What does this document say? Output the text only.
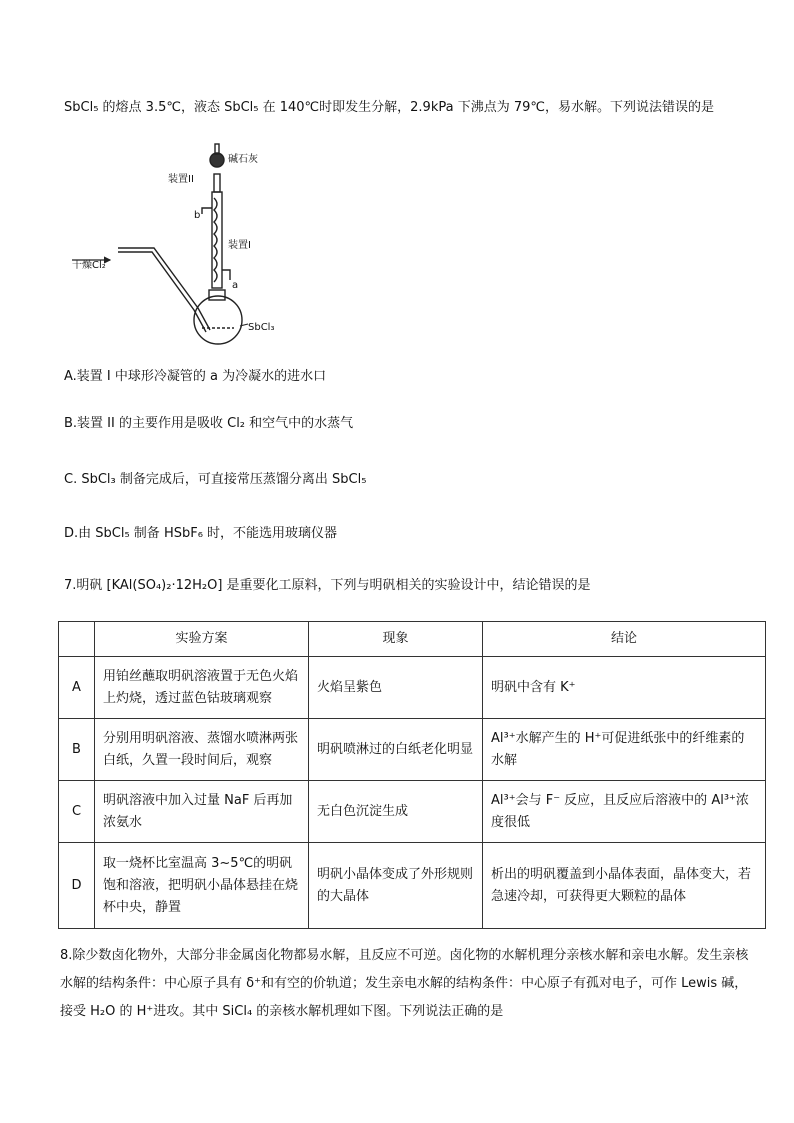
SbCl₅ 的熔点 3.5℃，液态 SbCl₅ 在 140℃时即发生分解，2.9kPa 下沸点为 79℃，易水解。下列说法错误的是
碱石灰
装置II
b
装置I
a
干燥Cl₂
SbCl₃
A.装置 I 中球形冷凝管的 a 为冷凝水的进水口
B.装置 II 的主要作用是吸收 Cl₂ 和空气中的水蒸气
C. SbCl₃ 制备完成后，可直接常压蒸馏分离出 SbCl₅
D.由 SbCl₅ 制备 HSbF₆ 时，不能选用玻璃仪器
7.明矾 [KAl(SO₄)₂·12H₂O] 是重要化工原料，下列与明矾相关的实验设计中，结论错误的是
	实验方案	现象	结论
A	用铂丝蘸取明矾溶液置于无色火焰上灼烧，透过蓝色钴玻璃观察	火焰呈紫色	明矾中含有 K⁺
B	分别用明矾溶液、蒸馏水喷淋两张白纸，久置一段时间后，观察	明矾喷淋过的白纸老化明显	Al³⁺水解产生的 H⁺可促进纸张中的纤维素的水解
C	明矾溶液中加入过量 NaF 后再加浓氨水	无白色沉淀生成	Al³⁺会与 F⁻ 反应，且反应后溶液中的 Al³⁺浓度很低
D	取一烧杯比室温高 3~5℃的明矾饱和溶液，把明矾小晶体悬挂在烧杯中央，静置	明矾小晶体变成了外形规则的大晶体	析出的明矾覆盖到小晶体表面，晶体变大，若急速冷却，可获得更大颗粒的晶体
8.除少数卤化物外，大部分非金属卤化物都易水解，且反应不可逆。卤化物的水解机理分亲核水解和亲电水解。发生亲核水解的结构条件：中心原子具有 δ⁺和有空的价轨道；发生亲电水解的结构条件：中心原子有孤对电子，可作 Lewis 碱，接受 H₂O 的 H⁺进攻。其中 SiCl₄ 的亲核水解机理如下图。下列说法正确的是
